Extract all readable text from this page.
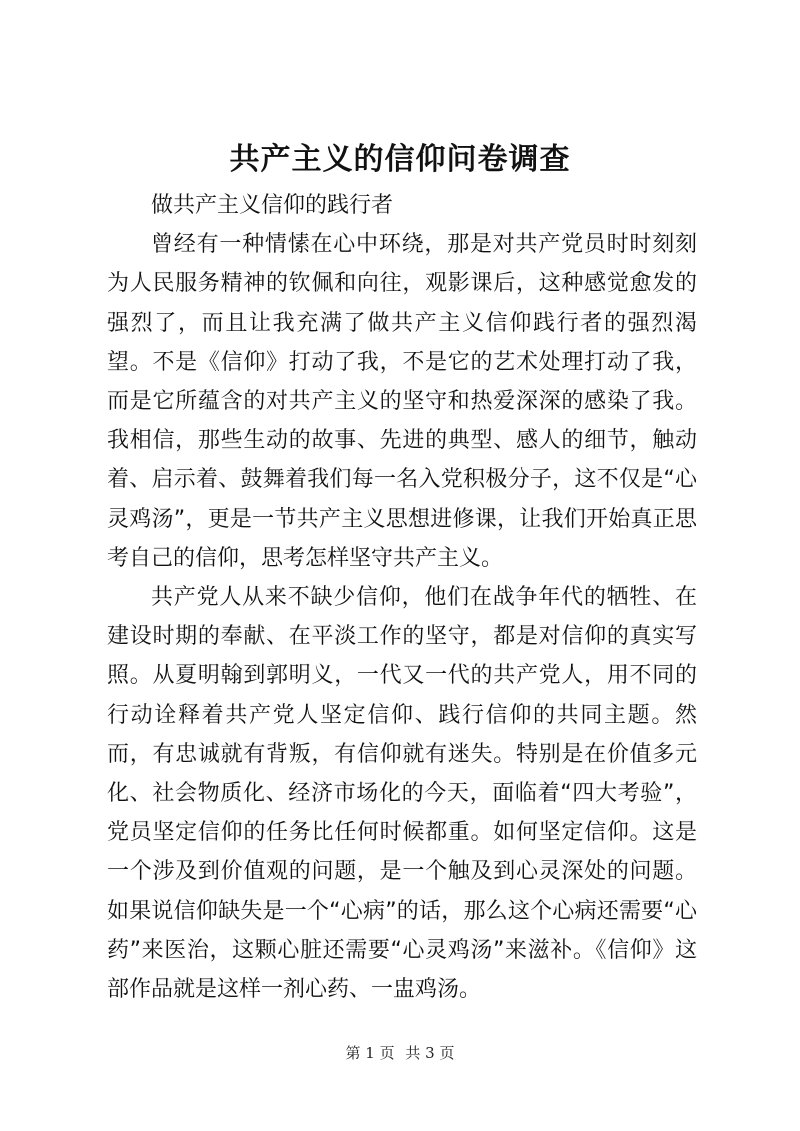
共产主义的信仰问卷调查

做共产主义信仰的践行者

曾经有一种情愫在心中环绕，那是对共产党员时时刻刻为人民服务精神的钦佩和向往，观影课后，这种感觉愈发的强烈了，而且让我充满了做共产主义信仰践行者的强烈渴望。不是《信仰》打动了我，不是它的艺术处理打动了我，而是它所蕴含的对共产主义的坚守和热爱深深的感染了我。我相信，那些生动的故事、先进的典型、感人的细节，触动着、启示着、鼓舞着我们每一名入党积极分子，这不仅是“心灵鸡汤”，更是一节共产主义思想进修课，让我们开始真正思考自己的信仰，思考怎样坚守共产主义。

共产党人从来不缺少信仰，他们在战争年代的牺牲、在建设时期的奉献、在平淡工作的坚守，都是对信仰的真实写照。从夏明翰到郭明义，一代又一代的共产党人，用不同的行动诠释着共产党人坚定信仰、践行信仰的共同主题。然而，有忠诚就有背叛，有信仰就有迷失。特别是在价值多元化、社会物质化、经济市场化的今天，面临着“四大考验”，党员坚定信仰的任务比任何时候都重。如何坚定信仰。这是一个涉及到价值观的问题，是一个触及到心灵深处的问题。如果说信仰缺失是一个“心病”的话，那么这个心病还需要“心药”来医治，这颗心脏还需要“心灵鸡汤”来滋补。《信仰》这部作品就是这样一剂心药、一盅鸡汤。

第 1 页 共 3 页
